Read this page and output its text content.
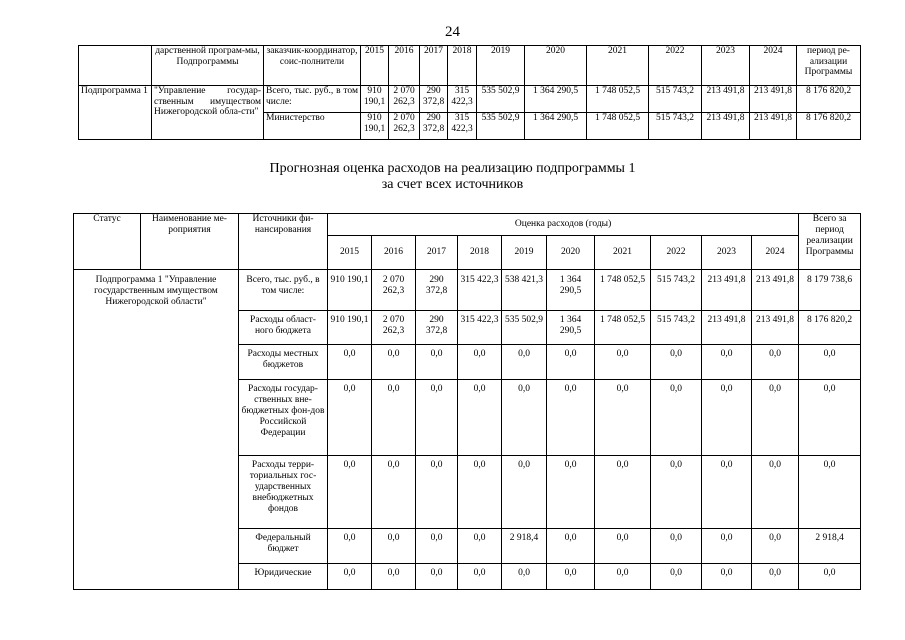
24
	дарственной програм-мы, Подпрограммы	заказчик-координатор, соис-полнители	2015	2016	2017	2018	2019	2020	2021	2022	2023	2024	период ре-ализации Программы
Подпрограмма 1	"Управление государ-ственным имуществом Нижегородской обла-сти"	Всего, тыс. руб., в том числе:	910 190,1	2 070 262,3	290 372,8	315 422,3	535 502,9	1 364 290,5	1 748 052,5	515 743,2	213 491,8	213 491,8	8 176 820,2
		Министерство	910 190,1	2 070 262,3	290 372,8	315 422,3	535 502,9	1 364 290,5	1 748 052,5	515 743,2	213 491,8	213 491,8	8 176 820,2
Прогнозная оценка расходов на реализацию подпрограммы 1
за счет всех источников
Статус	Наименование ме-роприятия	Источники фи-нансирования	Оценка расходов (годы)										Всего за период реализации Программы
			2015	2016	2017	2018	2019	2020	2021	2022	2023	2024	
Подпрограмма 1 "Управление государственным имуществом Нижегородской области"		Всего, тыс. руб., в том числе:	910 190,1	2 070 262,3	290 372,8	315 422,3	538 421,3	1 364 290,5	1 748 052,5	515 743,2	213 491,8	213 491,8	8 179 738,6
		Расходы област-ного бюджета	910 190,1	2 070 262,3	290 372,8	315 422,3	535 502,9	1 364 290,5	1 748 052,5	515 743,2	213 491,8	213 491,8	8 176 820,2
		Расходы местных бюджетов	0,0	0,0	0,0	0,0	0,0	0,0	0,0	0,0	0,0	0,0	0,0
		Расходы государ-ственных вне-бюджетных фон-дов Российской Федерации	0,0	0,0	0,0	0,0	0,0	0,0	0,0	0,0	0,0	0,0	0,0
		Расходы терри-ториальных гос-ударственных внебюджетных фондов	0,0	0,0	0,0	0,0	0,0	0,0	0,0	0,0	0,0	0,0	0,0
		Федеральный бюджет	0,0	0,0	0,0	0,0	2 918,4	0,0	0,0	0,0	0,0	0,0	2 918,4
		Юридические	0,0	0,0	0,0	0,0	0,0	0,0	0,0	0,0	0,0	0,0	0,0
